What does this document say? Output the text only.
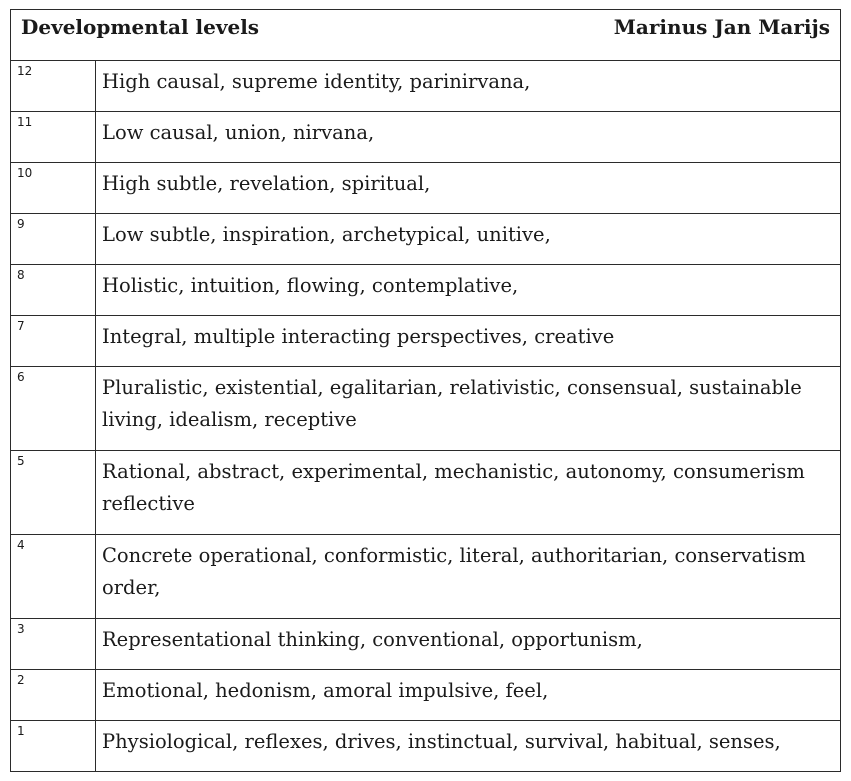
Developmental levels	Marinus Jan Marijs
12	High causal, supreme identity, parinirvana,
11	Low causal, union, nirvana,
10	High subtle, revelation, spiritual,
9	Low subtle, inspiration, archetypical, unitive,
8	Holistic, intuition, flowing, contemplative,
7	Integral, multiple interacting perspectives, creative
6	Pluralistic, existential, egalitarian, relativistic, consensual, sustainable living, idealism, receptive
5	Rational, abstract, experimental, mechanistic, autonomy, consumerism reflective
4	Concrete operational, conformistic, literal, authoritarian, conservatism order,
3	Representational thinking, conventional, opportunism,
2	Emotional, hedonism, amoral impulsive, feel,
1	Physiological, reflexes, drives, instinctual, survival, habitual, senses,
